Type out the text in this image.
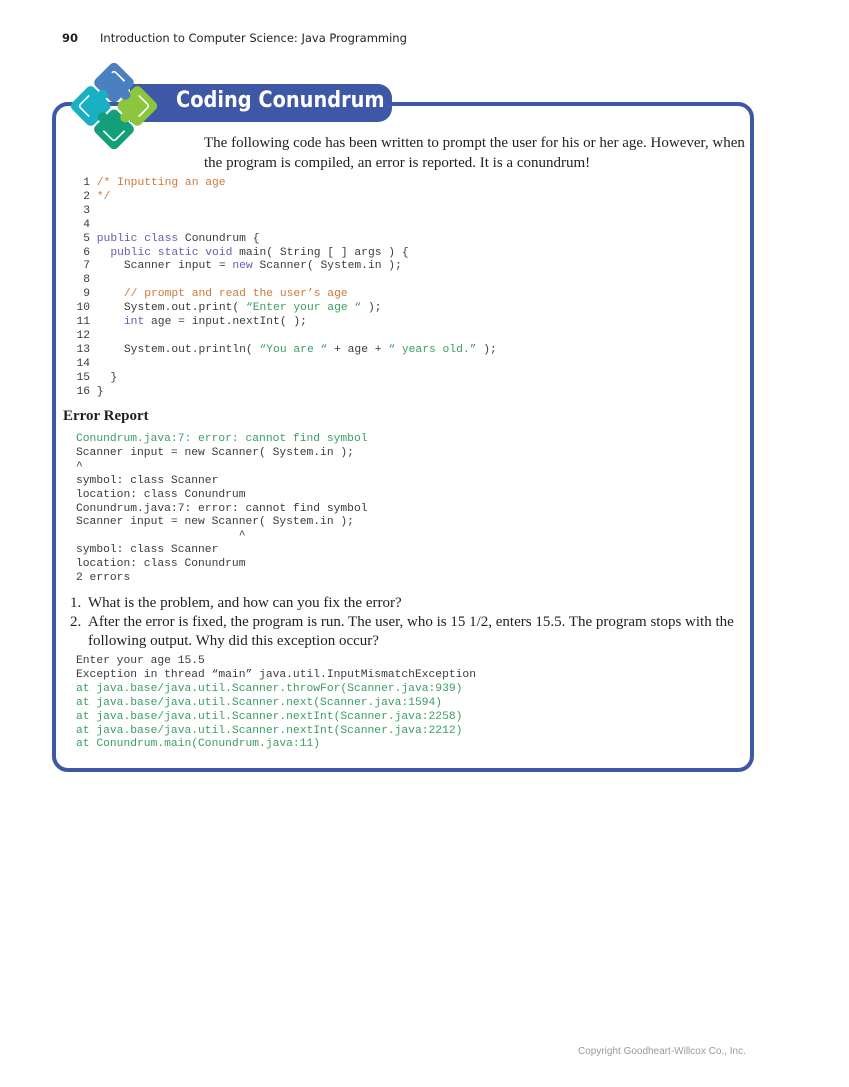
90 Introduction to Computer Science: Java Programming
Coding Conundrum
The following code has been written to prompt the user for his or her age. However, when the program is compiled, an error is reported. It is a conundrum!
1 /* Inputting an age
2 */
3
4
5 public class Conundrum {
6 public static void main( String [ ] args ) {
7	Scanner input = new Scanner( System.in );
8
9	// prompt and read the user’s age
10	System.out.print( “Enter your age “ );
11	int age = input.nextInt( );
12
13	System.out.println( “You are “ + age + “ years old.” );
14
15 }
16 }
Error Report
Conundrum.java:7: error: cannot find symbol
Scanner input = new Scanner( System.in );
^
symbol: class Scanner
location: class Conundrum
Conundrum.java:7: error: cannot find symbol
Scanner input = new Scanner( System.in );
^
symbol: class Scanner
location: class Conundrum
2 errors
1. What is the problem, and how can you fix the error?
2. After the error is fixed, the program is run. The user, who is 15 1/2, enters 15.5. The program stops with the following output. Why did this exception occur?
Enter your age 15.5
Exception in thread “main” java.util.InputMismatchException
at java.base/java.util.Scanner.throwFor(Scanner.java:939)
at java.base/java.util.Scanner.next(Scanner.java:1594)
at java.base/java.util.Scanner.nextInt(Scanner.java:2258)
at java.base/java.util.Scanner.nextInt(Scanner.java:2212)
at Conundrum.main(Conundrum.java:11)
Copyright Goodheart-Willcox Co., Inc.
